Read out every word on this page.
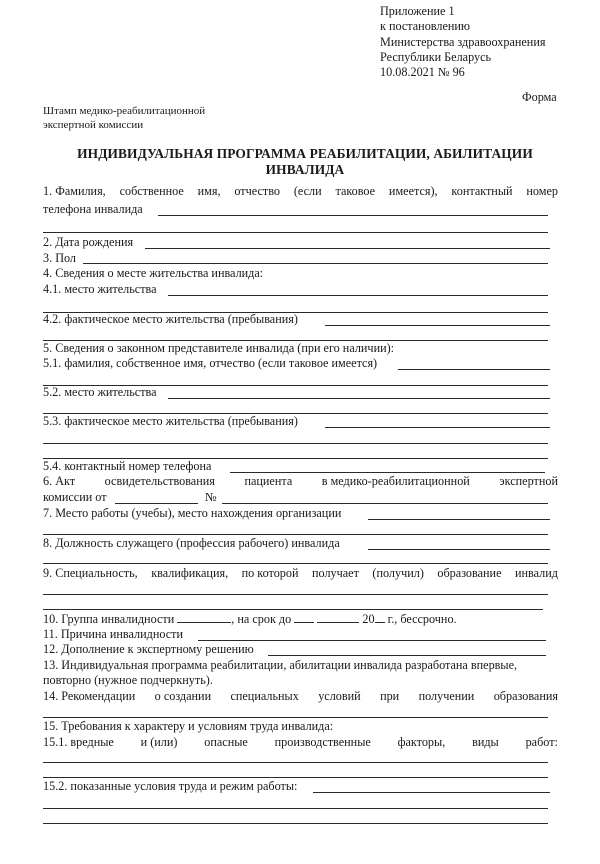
Приложение 1
к постановлению
Министерства здравоохранения
Республики Беларусь
10.08.2021 № 96
Форма
Штамп медико-реабилитационной
экспертной комиссии
ИНДИВИДУАЛЬНАЯ ПРОГРАММА РЕАБИЛИТАЦИИ, АБИЛИТАЦИИ
ИНВАЛИДА
1. Фамилия, собственное имя, отчество (если таковое имеется), контактный номер
телефона инвалида
2. Дата рождения
3. Пол
4. Сведения о месте жительства инвалида:
4.1. место жительства
4.2. фактическое место жительства (пребывания)
5. Сведения о законном представителе инвалида (при его наличии):
5.1. фамилия, собственное имя, отчество (если таковое имеется)
5.2. место жительства
5.3. фактическое место жительства (пребывания)
5.4. контактный номер телефона
6. Акт освидетельствования пациента в медико-реабилитационной экспертной
комиссии от	№
7. Место работы (учебы), место нахождения организации
8. Должность служащего (профессия рабочего) инвалида
9. Специальность, квалификация, по которой получает (получил) образование инвалид
10. Группа инвалидности	, на срок до	20 г., бессрочно.
11. Причина инвалидности
12. Дополнение к экспертному решению
13. Индивидуальная программа реабилитации, абилитации инвалида разработана впервые,
повторно (нужное подчеркнуть).
14. Рекомендации о создании специальных условий при получении образования
15. Требования к характеру и условиям труда инвалида:
15.1. вредные и (или) опасные производственные факторы, виды работ:
15.2. показанные условия труда и режим работы:
